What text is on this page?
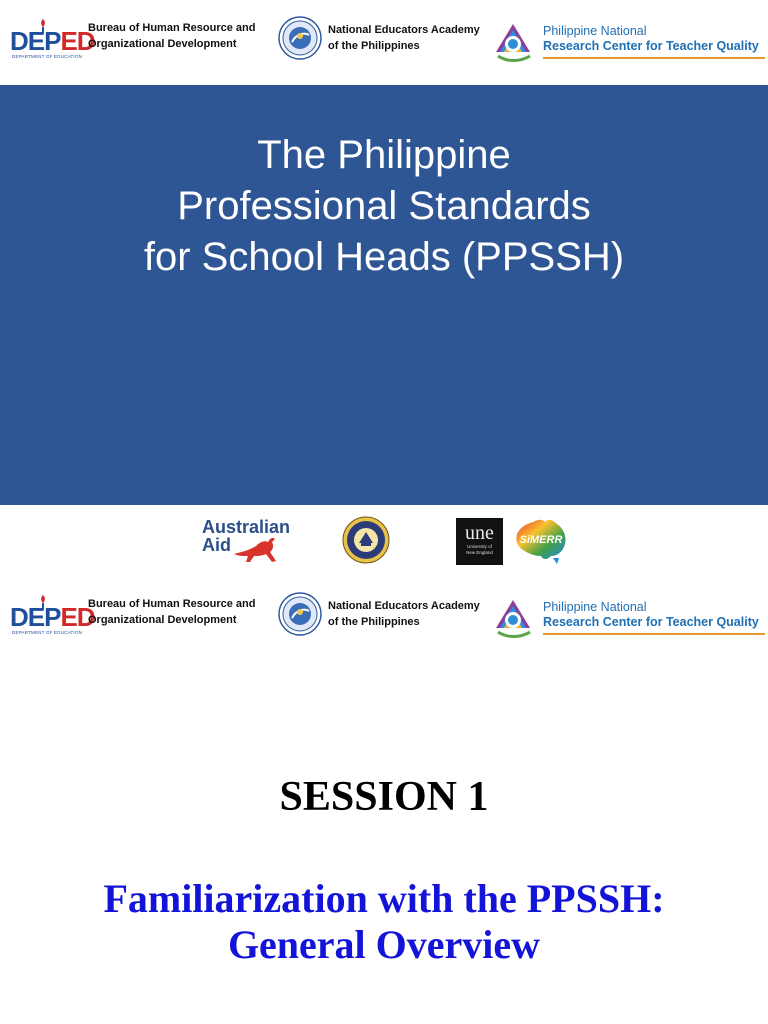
DEPED
DEPARTMENT OF EDUCATION
Bureau of Human Resource and
Organizational Development
National Educators Academy
of the Philippines
Philippine National
Research Center for Teacher Quality
The Philippine
Professional Standards
for School Heads (PPSSH)
Australian
Aid
une
University of
New England
SiMERR
DEPED
DEPARTMENT OF EDUCATION
Bureau of Human Resource and
Organizational Development
National Educators Academy
of the Philippines
Philippine National
Research Center for Teacher Quality
SESSION 1
Familiarization with the PPSSH:
General Overview
